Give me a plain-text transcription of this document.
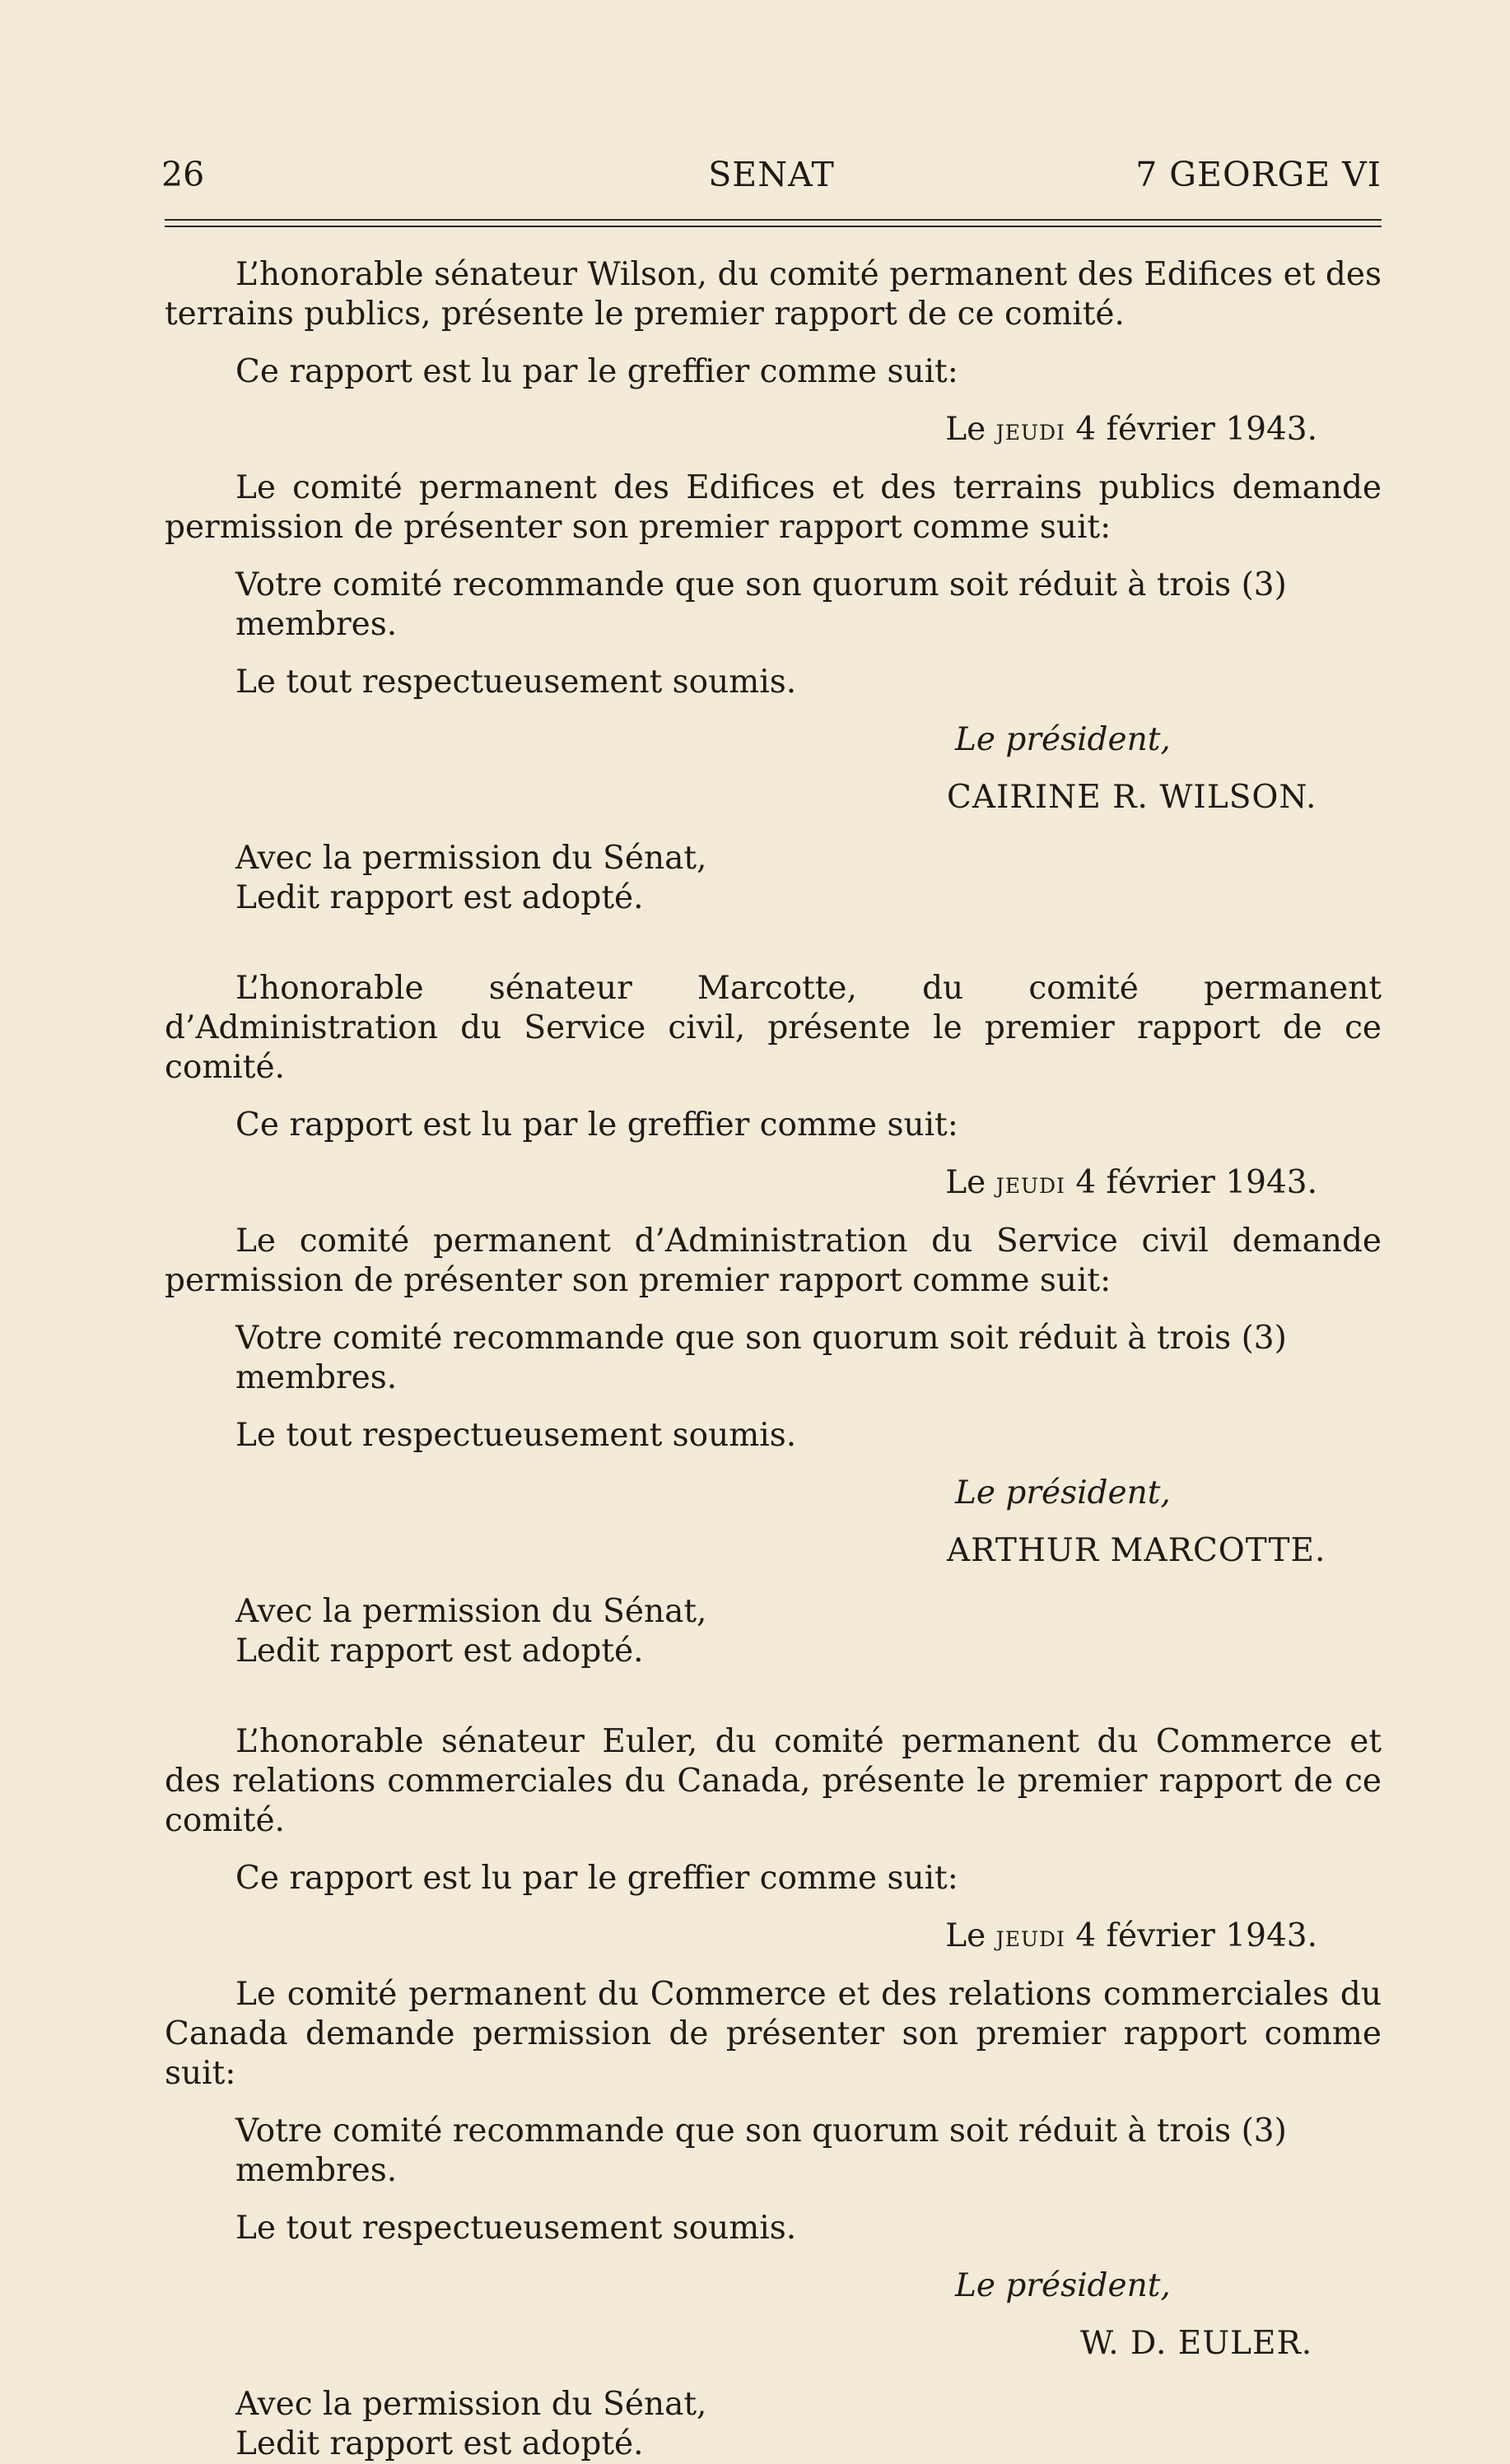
26	SENAT	7 GEORGE VI

L’honorable sénateur Wilson, du comité permanent des Edifices et des terrains publics, présente le premier rapport de ce comité.

Ce rapport est lu par le greffier comme suit:

Le jeudi 4 février 1943.

Le comité permanent des Edifices et des terrains publics demande permission de présenter son premier rapport comme suit:

Votre comité recommande que son quorum soit réduit à trois (3) membres.

Le tout respectueusement soumis.

Le président,

CAIRINE R. WILSON.

Avec la permission du Sénat,

Ledit rapport est adopté.

L’honorable sénateur Marcotte, du comité permanent d’Administration du Service civil, présente le premier rapport de ce comité.

Ce rapport est lu par le greffier comme suit:

Le jeudi 4 février 1943.

Le comité permanent d’Administration du Service civil demande permission de présenter son premier rapport comme suit:

Votre comité recommande que son quorum soit réduit à trois (3) membres.

Le tout respectueusement soumis.

Le président,

ARTHUR MARCOTTE.

Avec la permission du Sénat,

Ledit rapport est adopté.

L’honorable sénateur Euler, du comité permanent du Commerce et des relations commerciales du Canada, présente le premier rapport de ce comité.

Ce rapport est lu par le greffier comme suit:

Le jeudi 4 février 1943.

Le comité permanent du Commerce et des relations commerciales du Canada demande permission de présenter son premier rapport comme suit:

Votre comité recommande que son quorum soit réduit à trois (3) membres.

Le tout respectueusement soumis.

Le président,

W. D. EULER.

Avec la permission du Sénat,

Ledit rapport est adopté.
